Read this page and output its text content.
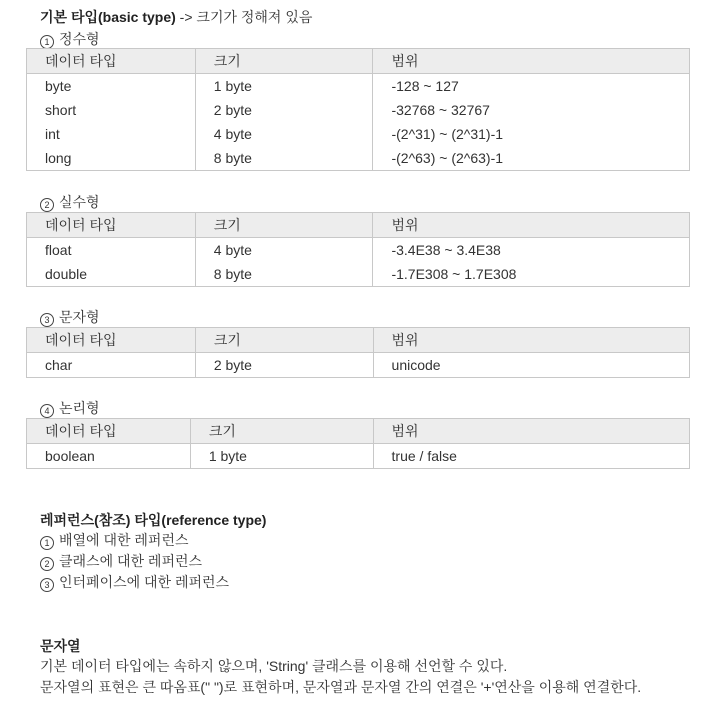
기본 타입(basic type) -> 크기가 정해져 있음
1 정수형
데이터 타입	크기	범위
byte	1 byte	-128 ~ 127
short	2 byte	-32768 ~ 32767
int	4 byte	-(2^31) ~ (2^31)-1
long	8 byte	-(2^63) ~ (2^63)-1
2 실수형
데이터 타입	크기	범위
float	4 byte	-3.4E38 ~ 3.4E38
double	8 byte	-1.7E308 ~ 1.7E308
3 문자형
데이터 타입	크기	범위
char	2 byte	unicode
4 논리형
데이터 타입	크기	범위
boolean	1 byte	true / false
레퍼런스(참조) 타입(reference type)
1 배열에 대한 레퍼런스
2 클래스에 대한 레퍼런스
3 인터페이스에 대한 레퍼런스
문자열
기본 데이터 타입에는 속하지 않으며, 'String' 클래스를 이용해 선언할 수 있다.
문자열의 표현은 큰 따옴표(" ")로 표현하며, 문자열과 문자열 간의 연결은 '+'연산을 이용해 연결한다.
